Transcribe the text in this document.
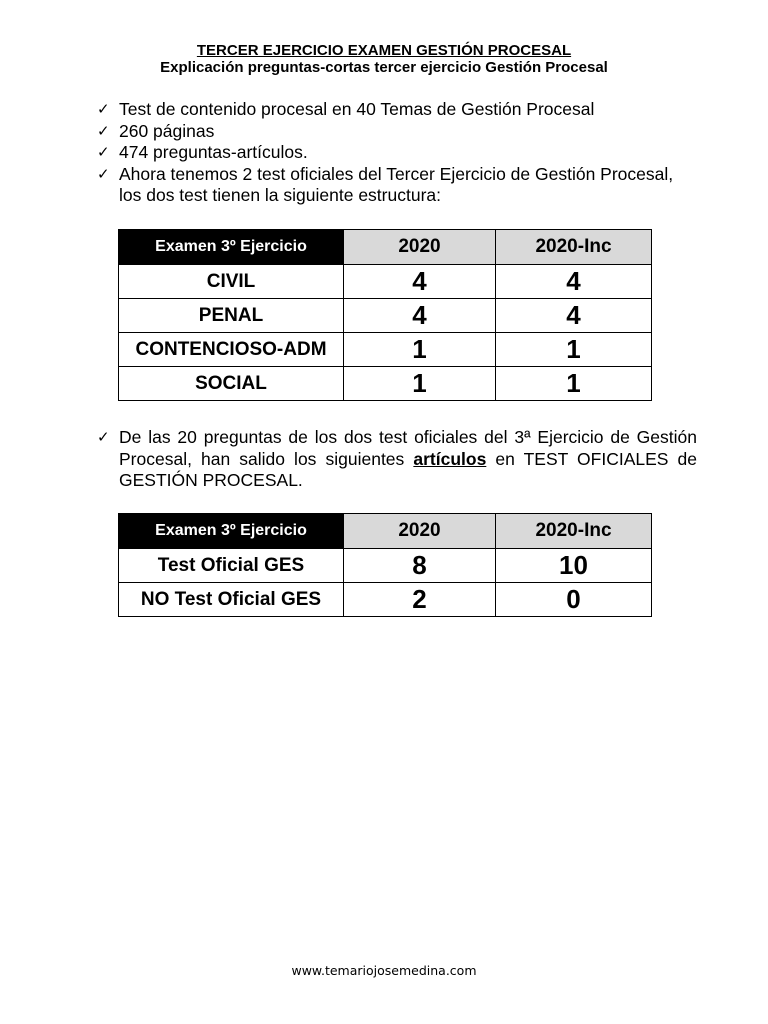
TERCER EJERCICIO EXAMEN GESTIÓN PROCESAL
Explicación preguntas-cortas tercer ejercicio Gestión Procesal
✓ Test de contenido procesal en 40 Temas de Gestión Procesal
✓ 260 páginas
✓ 474 preguntas-artículos.
✓ Ahora tenemos 2 test oficiales del Tercer Ejercicio de Gestión Procesal, los dos test tienen la siguiente estructura:
Examen 3º Ejercicio	2020	2020-Inc
CIVIL	4	4
PENAL	4	4
CONTENCIOSO-ADM	1	1
SOCIAL	1	1
✓ De las 20 preguntas de los dos test oficiales del 3ª Ejercicio de Gestión Procesal, han salido los siguientes artículos en TEST OFICIALES de GESTIÓN PROCESAL.
Examen 3º Ejercicio	2020	2020-Inc
Test Oficial GES	8	10
NO Test Oficial GES	2	0
www.temariojosemedina.com
